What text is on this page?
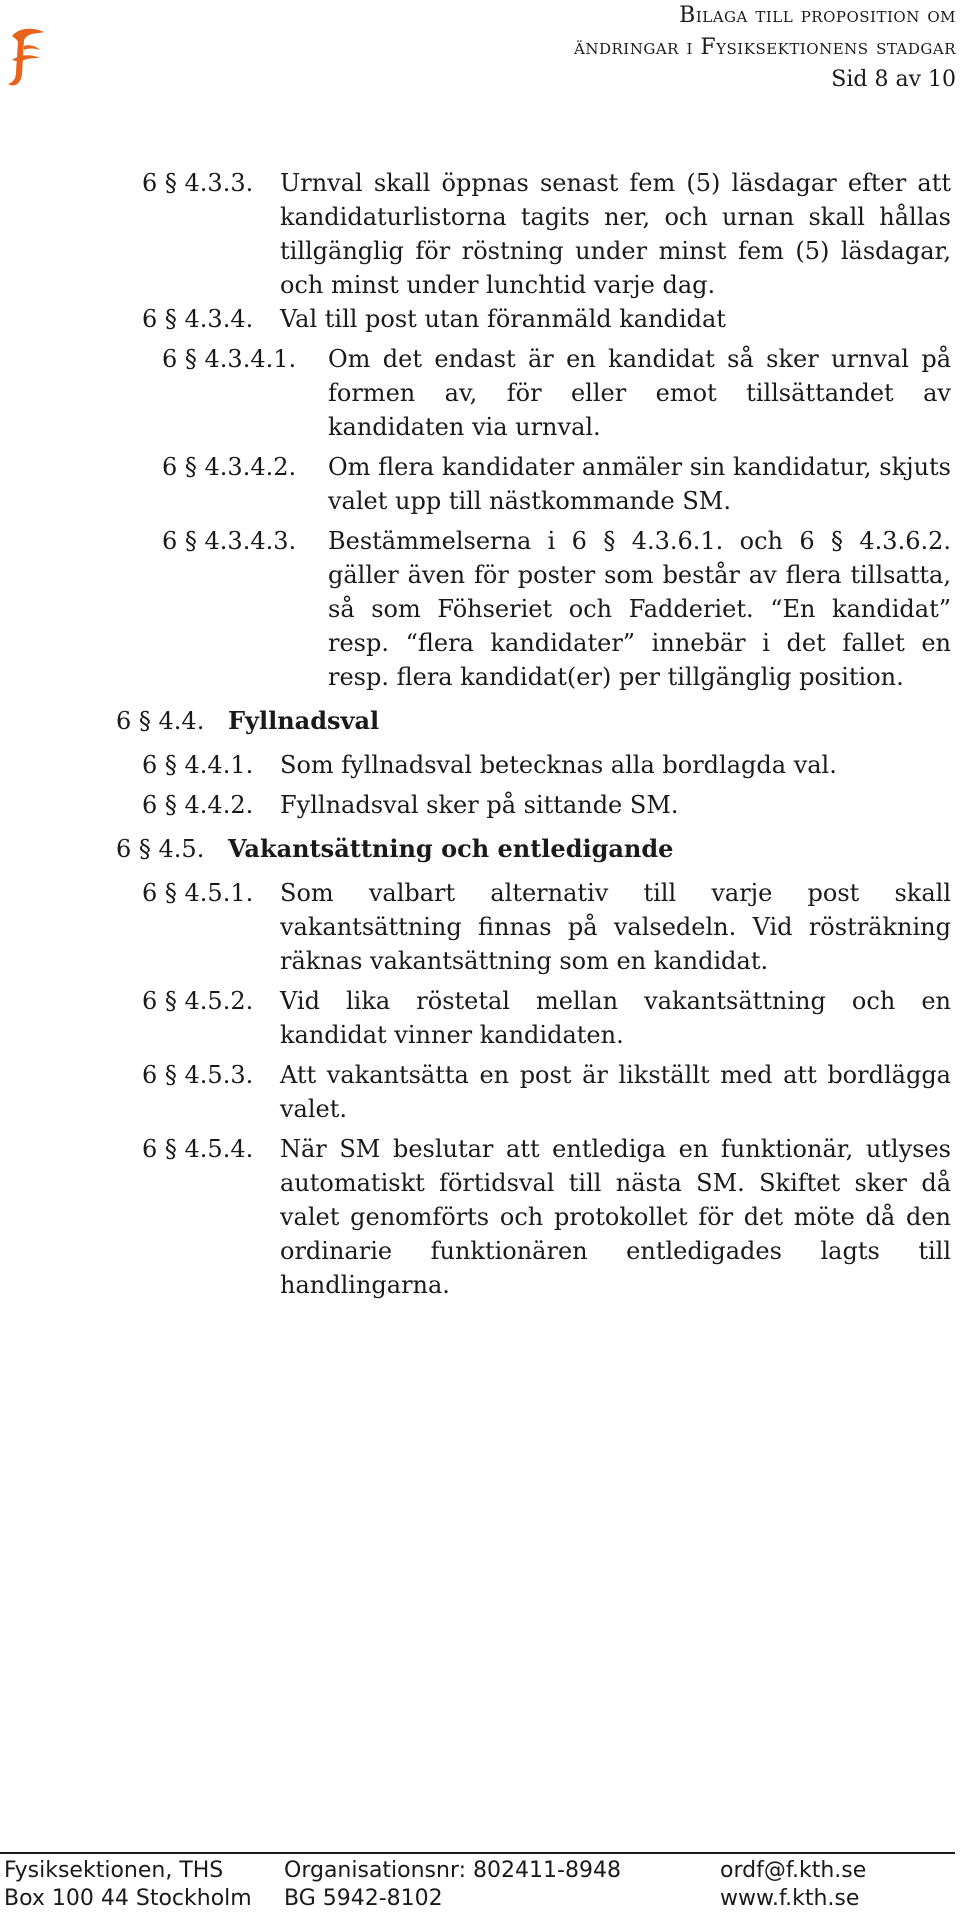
Bilaga till proposition om
ändringar i Fysiksektionens stadgar
Sid 8 av 10
6 § 4.3.3. Urnval skall öppnas senast fem (5) läsdagar efter att kandidaturlistorna tagits ner, och urnan skall hållas tillgänglig för röstning under minst fem (5) läsdagar, och minst under lunchtid varje dag.
6 § 4.3.4. Val till post utan föranmäld kandidat
6 § 4.3.4.1. Om det endast är en kandidat så sker urnval på formen av, för eller emot tillsättandet av kandidaten via urnval.
6 § 4.3.4.2. Om flera kandidater anmäler sin kandidatur, skjuts valet upp till nästkommande SM.
6 § 4.3.4.3. Bestämmelserna i 6 § 4.3.6.1. och 6 § 4.3.6.2. gäller även för poster som består av flera tillsatta, så som Föhseriet och Fadderiet. “En kandidat” resp. “flera kandidater” innebär i det fallet en resp. flera kandidat(er) per tillgänglig position.
6 § 4.4. Fyllnadsval
6 § 4.4.1. Som fyllnadsval betecknas alla bordlagda val.
6 § 4.4.2. Fyllnadsval sker på sittande SM.
6 § 4.5. Vakantsättning och entledigande
6 § 4.5.1. Som valbart alternativ till varje post skall vakantsättning finnas på valsedeln. Vid rösträkning räknas vakantsättning som en kandidat.
6 § 4.5.2. Vid lika röstetal mellan vakantsättning och en kandidat vinner kandidaten.
6 § 4.5.3. Att vakantsätta en post är likställt med att bordlägga valet.
6 § 4.5.4. När SM beslutar att entlediga en funktionär, utlyses automatiskt förtidsval till nästa SM. Skiftet sker då valet genomförts och protokollet för det möte då den ordinarie funktionären entledigades lagts till handlingarna.
Fysiksektionen, THS	Organisationsnr: 802411-8948	ordf@f.kth.se
Box 100 44 Stockholm BG 5942-8102	www.f.kth.se
